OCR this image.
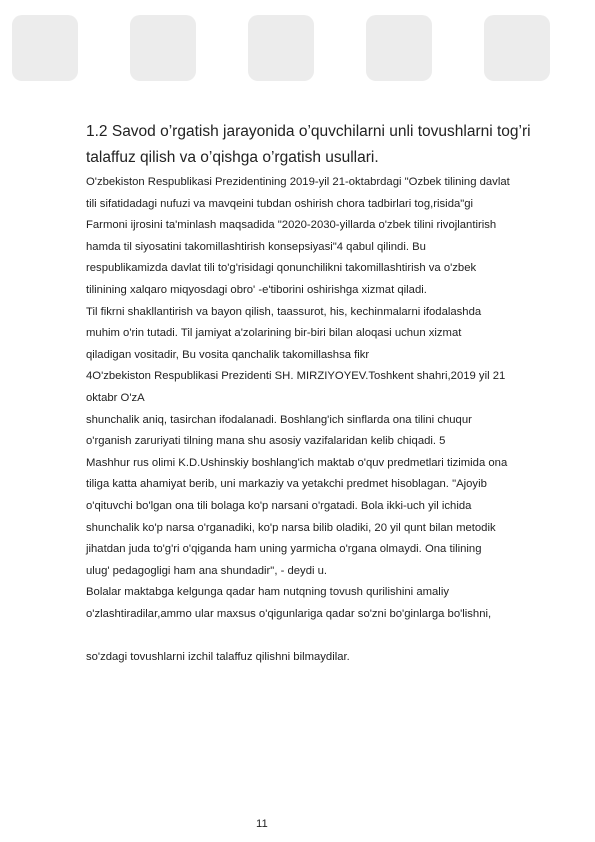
1.2 Savod o’rgatish jarayonida o’quvchilarni unli tovushlarni tog’ri
talaffuz qilish va o’qishga o’rgatish usullari.
O'zbekiston Respublikasi Prezidentining 2019-yil 21-oktabrdagi "Ozbek tilining davlat
tili sifatidadagi nufuzi va mavqeini tubdan oshirish chora tadbirlari tog,risida"gi
Farmoni ijrosini ta'minlash maqsadida "2020-2030-yillarda o'zbek tilini rivojlantirish
hamda til siyosatini takomillashtirish konsepsiyasi"4 qabul qilindi. Bu
respublikamizda davlat tili to'g'risidagi qonunchilikni takomillashtirish va o'zbek
tilinining xalqaro miqyosdagi obro' -e'tiborini oshirishga xizmat qiladi.
Til fikrni shakllantirish va bayon qilish, taassurot, his, kechinmalarni ifodalashda
muhim o'rin tutadi. Til jamiyat a'zolarining bir-biri bilan aloqasi uchun xizmat
qiladigan vositadir, Bu vosita qanchalik takomillashsa fikr
4O'zbekiston Respublikasi Prezidenti SH. MIRZIYOYEV.Toshkent shahri,2019 yil 21
oktabr O'zA
shunchalik aniq, tasirchan ifodalanadi. Boshlang'ich sinflarda ona tilini chuqur
o'rganish zaruriyati tilning mana shu asosiy vazifalaridan kelib chiqadi. 5
Mashhur rus olimi K.D.Ushinskiy boshlang'ich maktab o'quv predmetlari tizimida ona
tiliga katta ahamiyat berib, uni markaziy va yetakchi predmet hisoblagan. "Ajoyib
o'qituvchi bo'lgan ona tili bolaga ko'p narsani o'rgatadi. Bola ikki-uch yil ichida
shunchalik ko'p narsa o'rganadiki, ko'p narsa bilib oladiki, 20 yil qunt bilan metodik
jihatdan juda to'g'ri o'qiganda ham uning yarmicha o'rgana olmaydi. Ona tilining
ulug' pedagogligi ham ana shundadir", - deydi u.
Bolalar maktabga kelgunga qadar ham nutqning tovush qurilishini amaliy
o'zlashtiradilar,ammo ular maxsus o'qigunlariga qadar so'zni bo'ginlarga bo'lishni,
so'zdagi tovushlarni izchil talaffuz qilishni bilmaydilar.
11
